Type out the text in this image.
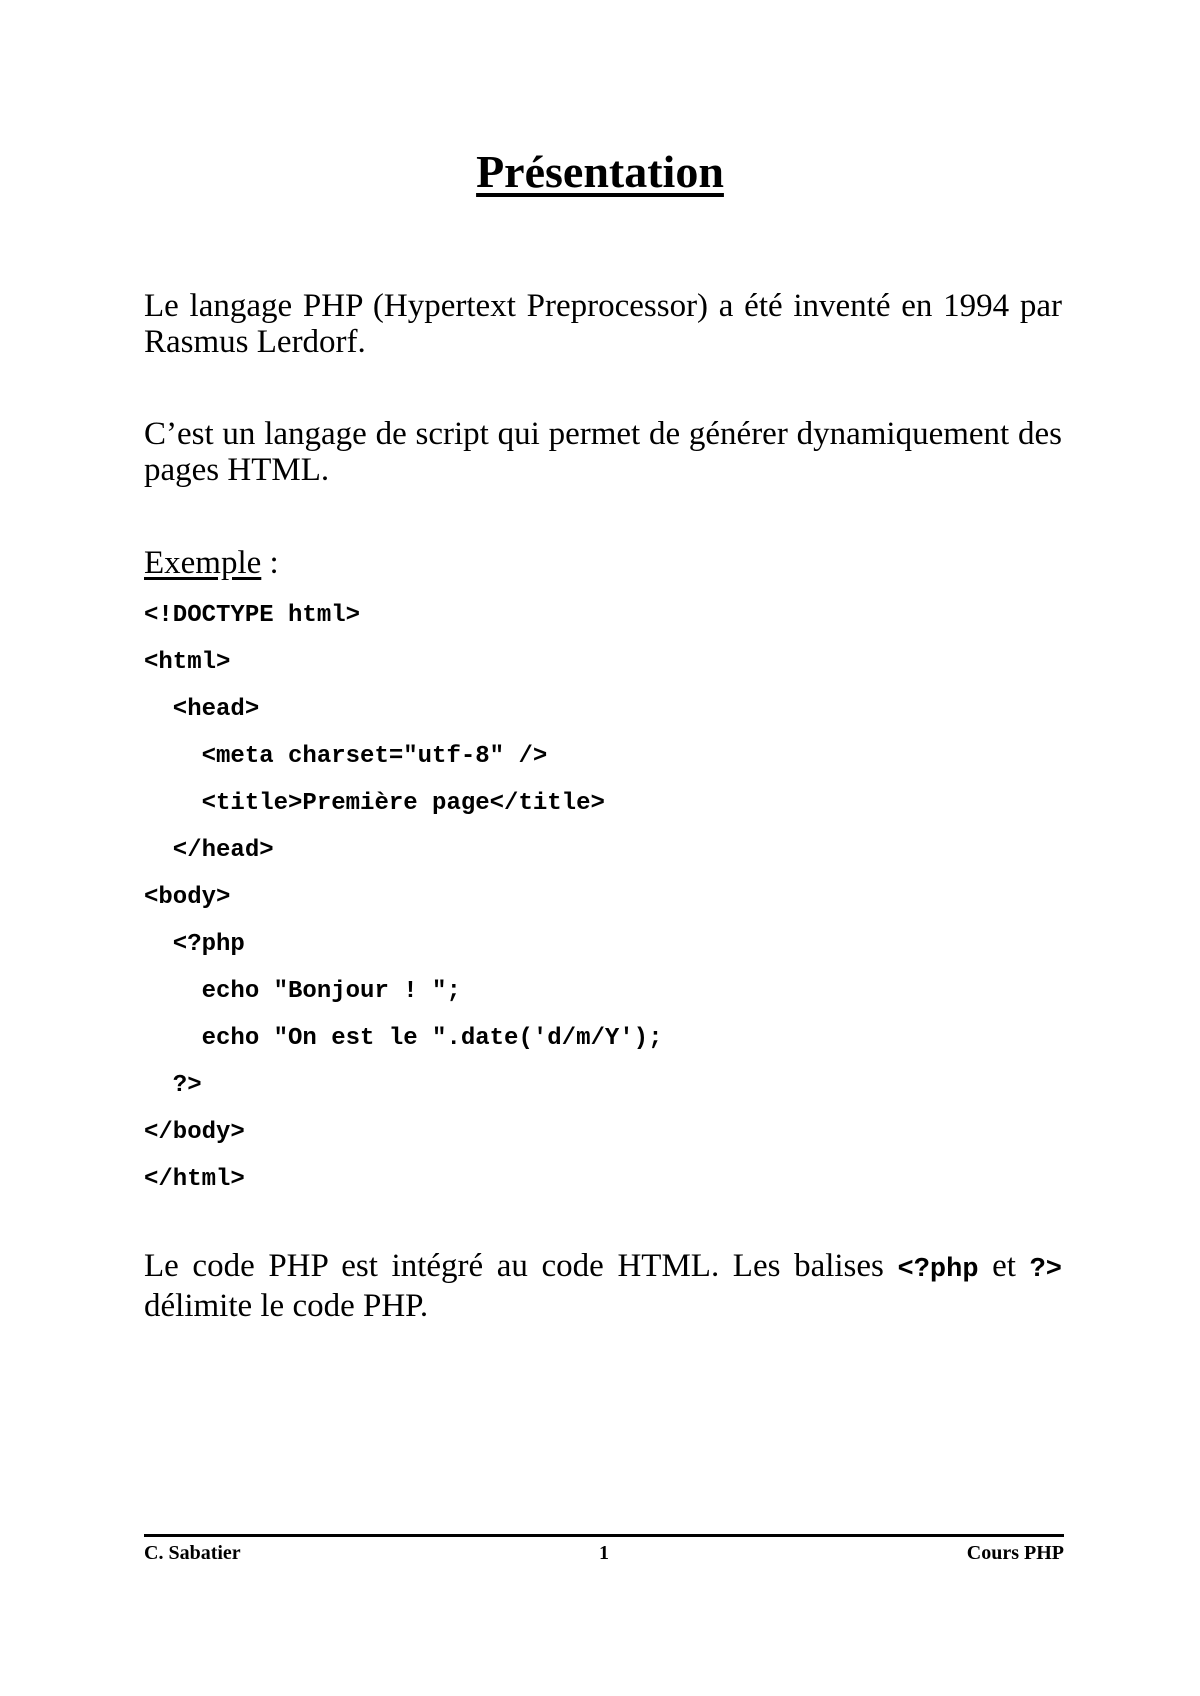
Présentation

Le langage PHP (Hypertext Preprocessor) a été inventé en 1994 par Rasmus Lerdorf.

C’est un langage de script qui permet de générer dynamiquement des pages HTML.

Exemple :
<!DOCTYPE html>
<html>
<head>
<meta charset="utf-8" />
<title>Première page</title>
</head>
<body>
<?php
echo "Bonjour ! ";
echo "On est le ".date('d/m/Y');
?>
</body>
</html>

Le code PHP est intégré au code HTML. Les balises <?php et ?> délimite le code PHP.

C. Sabatier	1	Cours PHP
